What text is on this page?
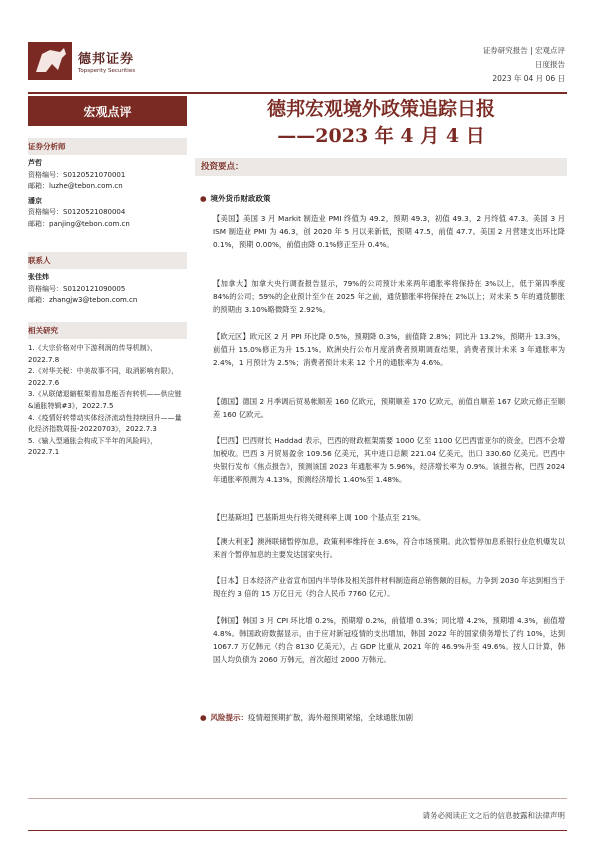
德邦证券
Topsperity Securities
证券研究报告 | 宏观点评
日度报告
2023 年 04 月 06 日
宏观点评	德邦宏观境外政策追踪日报
——2023 年 4 月 4 日
证券分析师
芦哲
资格编号：S0120521070001
邮箱：luzhe@tebon.com.cn
潘京
资格编号：S0120521080004
邮箱：panjing@tebon.com.cn
联系人
张佳炜
资格编号：S0120121090005
邮箱：zhangjw3@tebon.com.cn
相关研究
1.《大宗价格对中下游利润的传导机制》，2022.7.8
2.《对华关税：中美故事不同，取消影响有限》，2022.7.6
3.《从联储退縮框架看加息能否有转机——供应链&通胀特辑#3》，2022.7.5
4.《疫情好转带动实体经济流动性持续回升——量化经济指数周报-20220703》，2022.7.3
5.《输入型通胀会构成下半年的风险吗》，2022.7.1
投资要点：
● 境外货币财政政策
【美国】美国 3 月 Markit 制造业 PMI 终值为 49.2，预期 49.3，初值 49.3，2 月终值 47.3。美国 3 月 ISM 制造业 PMI 为 46.3，创 2020 年 5 月以来新低，预期 47.5，前值 47.7。美国 2 月营建支出环比降 0.1%，预期 0.00%，前值由降 0.1%修正至升 0.4%。
【加拿大】加拿大央行调查报告显示，79%的公司预计未来两年通胀率将保持在 3%以上，低于第四季度 84%的公司；59%的企业预计至少在 2025 年之前，通货膨胀率将保持在 2%以上；对未来 5 年的通货膨胀的预期由 3.10%略微降至 2.92%。
【欧元区】欧元区 2 月 PPI 环比降 0.5%，预期降 0.3%，前值降 2.8%；同比升 13.2%，预期升 13.3%，前值升 15.0%修正为升 15.1%。欧洲央行公布月度消费者预期调查结果，消费者预计未来 3 年通胀率为 2.4%，1 月预计为 2.5%；消费者预计未来 12 个月的通胀率为 4.6%。
【德国】德国 2 月季调后贸易帐顺差 160 亿欧元，预期顺差 170 亿欧元，前值自顺差 167 亿欧元修正至顺差 160 亿欧元。
【巴西】巴西财长 Haddad 表示，巴西的财政框架需要 1000 亿至 1100 亿巴西雷亚尔的资金，巴西不会增加税收。巴西 3 月贸易盈余 109.56 亿美元，其中进口总额 221.04 亿美元，出口 330.60 亿美元。巴西中央银行发布《焦点报告》，预测该国 2023 年通胀率为 5.96%，经济增长率为 0.9%。该报告称，巴西 2024 年通胀率预测为 4.13%，预测经济增长 1.40%至 1.48%。
【巴基斯坦】巴基斯坦央行将关键利率上调 100 个基点至 21%。
【澳大利亚】澳洲联储暂停加息，政策利率维持在 3.6%，符合市场预期。此次暂停加息系银行业危机爆发以来首个暂停加息的主要发达国家央行。
【日本】日本经济产业省宣布国内半导体及相关部件材料制造商总销售额的目标，力争到 2030 年达到相当于现在约 3 倍的 15 万亿日元（约合人民币 7760 亿元）。
【韩国】韩国 3 月 CPI 环比增 0.2%，预期增 0.2%，前值增 0.3%；同比增 4.2%，预期增 4.3%，前值增 4.8%。韩国政府数据显示，由于应对新冠疫情的支出增加，韩国 2022 年的国家债务增长了约 10%，达到 1067.7 万亿韩元（约合 8130 亿美元），占 GDP 比重从 2021 年的 46.9%升至 49.6%。按人口计算，韩国人均负债为 2060 万韩元，首次超过 2000 万韩元。
● 风险提示：疫情超预期扩散，海外超预期紧缩，全球通胀加剧
请务必阅读正文之后的信息披露和法律声明
